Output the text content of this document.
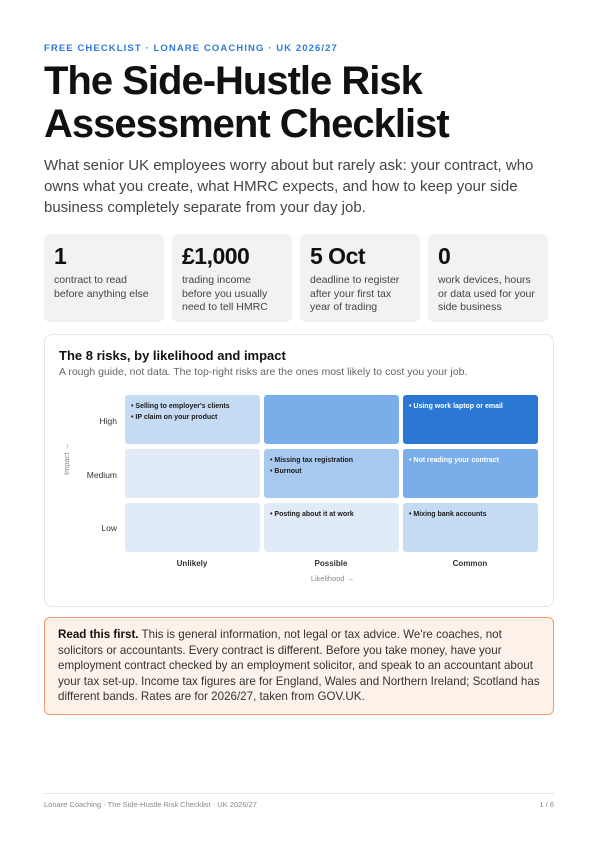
FREE CHECKLIST · LONARE COACHING · UK 2026/27
The Side-Hustle Risk Assessment Checklist

What senior UK employees worry about but rarely ask: your contract, who owns what you create, what HMRC expects, and how to keep your side business completely separate from your day job.

1
contract to read before anything else
£1,000
trading income before you usually need to tell HMRC
5 Oct
deadline to register after your first tax year of trading
0
work devices, hours or data used for your side business
The 8 risks, by likelihood and impact
A rough guide, not data. The top-right risks are the ones most likely to cost you your job.
Impact →
High
Medium
Low
• Selling to employer's clients
• IP claim on your product
• Using work laptop or email
• Missing tax registration
• Burnout
• Not reading your contract
• Posting about it at work
•	Mixing bank accounts
Unlikely	Possible	Common
Likelihood →
Read this first. This is general information, not legal or tax advice. We're coaches, not solicitors or accountants. Every contract is different. Before you take money, have your employment contract checked by an employment solicitor, and speak to an accountant about your tax set-up. Income tax figures are for England, Wales and Northern Ireland; Scotland has different bands. Rates are for 2026/27, taken from GOV.UK.
Lonare Coaching · The Side-Hustle Risk Checklist · UK 2026/27	1 / 6
